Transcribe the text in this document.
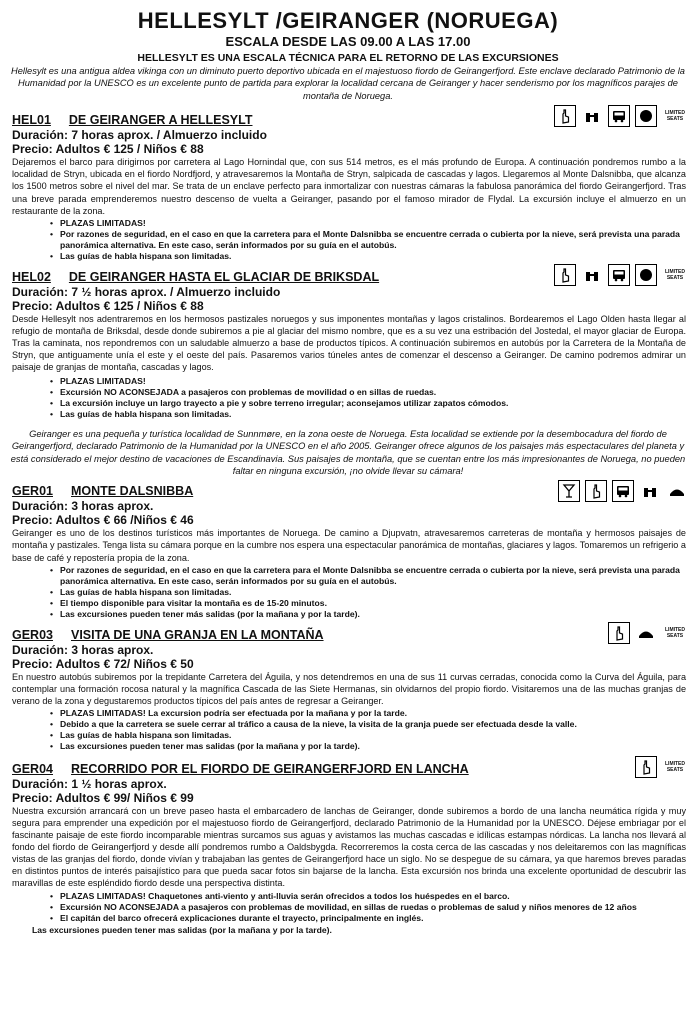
HELLESYLT /GEIRANGER (NORUEGA)
ESCALA DESDE LAS 09.00 A LAS 17.00
HELLESYLT ES UNA ESCALA TÉCNICA PARA EL RETORNO DE LAS EXCURSIONES
Hellesylt es una antigua aldea vikinga con un diminuto puerto deportivo ubicada en el majestuoso fiordo de Geirangerfjord. Este enclave declarado Patrimonio de la Humanidad por la UNESCO es un excelente punto de partida para explorar la localidad cercana de Geiranger y hacer senderismo por los magníficos parajes de montaña de Noruega.
LIMITED SEATS
HEL01 DE GEIRANGER A HELLESYLT
Duración: 7 horas aprox. / Almuerzo incluido
Precio: Adultos € 125 / Niños € 88

Dejaremos el barco para dirigirnos por carretera al Lago Hornindal que, con sus 514 metros, es el más profundo de Europa. A continuación pondremos rumbo a la localidad de Stryn, ubicada en el fiordo Nordfjord, y atravesaremos la Montaña de Stryn, salpicada de cascadas y lagos. Llegaremos al Monte Dalsnibba, que alcanza los 1500 metros sobre el nivel del mar. Se trata de un enclave perfecto para inmortalizar con nuestras cámaras la fabulosa panorámica del fiordo Geirangerfjord. Tras una breve parada emprenderemos nuestro descenso de vuelta a Geiranger, pasando por el famoso mirador de Flydal. La excursión incluye el almuerzo en un restaurante de la zona.

• PLAZAS LIMITADAS!
• Por razones de seguridad, en el caso en que la carretera para el Monte Dalsnibba se encuentre cerrada o cubierta por la nieve, será prevista una parada panorámica alternativa. En este caso, serán informados por su guía en el autobús.
• Las guías de habla hispana son limitadas.
LIMITED SEATS
HEL02 DE GEIRANGER HASTA EL GLACIAR DE BRIKSDAL
Duración: 7 ½ horas aprox. / Almuerzo incluido
Precio: Adultos € 125 / Niños € 88

Desde Hellesylt nos adentraremos en los hermosos pastizales noruegos y sus imponentes montañas y lagos cristalinos. Bordearemos el Lago Olden hasta llegar al refugio de montaña de Briksdal, desde donde subiremos a pie al glaciar del mismo nombre, que es a su vez una estribación del Jostedal, el mayor glaciar de Europa. Tras la caminata, nos repondremos con un saludable almuerzo a base de productos típicos. A continuación subiremos en autobús por la Carretera de la Montaña de Stryn, que antiguamente unía el este y el oeste del país. Pasaremos varios túneles antes de comenzar el descenso a Geiranger. De camino podremos admirar un paisaje de granjas de montaña, cascadas y lagos.

• PLAZAS LIMITADAS!
• Excursión NO ACONSEJADA a pasajeros con problemas de movilidad o en sillas de ruedas.
• La excursión incluye un largo trayecto a pie y sobre terreno irregular; aconsejamos utilizar zapatos cómodos.
• Las guías de habla hispana son limitadas.
Geiranger es una pequeña y turística localidad de Sunnmøre, en la zona oeste de Noruega. Esta localidad se extiende por la desembocadura del fiordo de Geirangerfjord, declarado Patrimonio de la Humanidad por la UNESCO en el año 2005. Geiranger ofrece algunos de los paisajes más espectaculares del planeta y está considerado el mejor destino de vacaciones de Escandinavia. Sus paisajes de montaña, que se cuentan entre los más impresionantes de Noruega, no pueden faltar en ninguna excursión, ¡no olvide llevar su cámara!
GER01 MONTE DALSNIBBA
Duración: 3 horas aprox.
Precio: Adultos € 66 /Niños € 46

Geiranger es uno de los destinos turísticos más importantes de Noruega. De camino a Djupvatn, atravesaremos carreteras de montaña y hermosos paisajes de montaña y pastizales. Tenga lista su cámara porque en la cumbre nos espera una espectacular panorámica de montañas, glaciares y lagos. Tomaremos un refrigerio a base de café y repostería propia de la zona.

• Por razones de seguridad, en el caso en que la carretera para el Monte Dalsnibba se encuentre cerrada o cubierta por la nieve, será prevista una parada panorámica alternativa. En este caso, serán informados por su guía en el autobús.
• Las guías de habla hispana son limitadas.
• El tiempo disponible para visitar la montaña es de 15-20 minutos.
• Las excursiones pueden tener más salidas (por la mañana y por la tarde).
LIMITED SEATS
GER03 VISITA DE UNA GRANJA EN LA MONTAÑA
Duración: 3 horas aprox.
Precio: Adultos € 72/ Niños € 50

En nuestro autobús subiremos por la trepidante Carretera del Águila, y nos detendremos en una de sus 11 curvas cerradas, conocida como la Curva del Águila, para contemplar una formación rocosa natural y la magnífica Cascada de las Siete Hermanas, sin olvidarnos del propio fiordo. Visitaremos una de las muchas granjas de verano de la zona y degustaremos productos típicos del país antes de regresar a Geiranger.

• PLAZAS LIMITADAS! La excursion podría ser efectuada por la mañana y por la tarde.
• Debido a que la carretera se suele cerrar al tráfico a causa de la nieve, la visita de la granja puede ser efectuada desde la valle.
• Las guías de habla hispana son limitadas.
• Las excursiones pueden tener mas salidas (por la mañana y por la tarde).
LIMITED SEATS
GER04 RECORRIDO POR EL FIORDO DE GEIRANGERFJORD EN LANCHA
Duración: 1 ½ horas aprox.
Precio: Adultos € 99/ Niños € 99

Nuestra excursión arrancará con un breve paseo hasta el embarcadero de lanchas de Geiranger, donde subiremos a bordo de una lancha neumática rígida y muy segura para emprender una expedición por el majestuoso fiordo de Geirangerfjord, declarado Patrimonio de la Humanidad por la UNESCO. Déjese embriagar por el fascinante paisaje de este fiordo incomparable mientras surcamos sus aguas y avistamos las muchas cascadas e idílicas estampas nórdicas. La lancha nos llevará al fondo del fiordo de Geirangerfjord y desde allí pondremos rumbo a Oaldsbygda. Recorreremos la costa cerca de las cascadas y nos deleitaremos con las magníficas vistas de las granjas del fiordo, donde vivían y trabajaban las gentes de Geirangerfjord hace un siglo. No se despegue de su cámara, ya que haremos breves paradas en distintos puntos de interés paisajístico para que pueda sacar fotos sin bajarse de la lancha. Esta excursión nos brinda una excelente oportunidad de descubrir las maravillas de este espléndido fiordo desde una perspectiva distinta.

• PLAZAS LIMITADAS! Chaquetones anti-viento y anti-lluvia serán ofrecidos a todos los huéspedes en el barco.
• Excursión NO ACONSEJADA a pasajeros con problemas de movilidad, en sillas de ruedas o problemas de salud y niños menores de 12 años
• El capitán del barco ofrecerá explicaciones durante el trayecto, principalmente en inglés.
Las excursiones pueden tener mas salidas (por la mañana y por la tarde).
